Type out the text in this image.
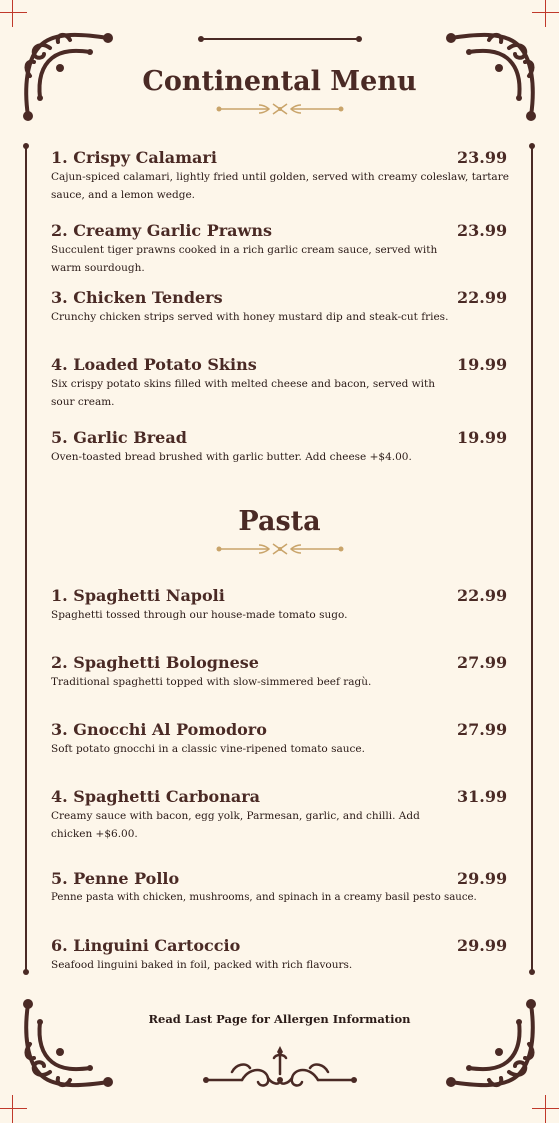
Continental Menu
1. Crispy Calamari	23.99
Cajun-spiced calamari, lightly fried until golden, served with creamy coleslaw, tartare sauce, and a lemon wedge.
2. Creamy Garlic Prawns	23.99
Succulent tiger prawns cooked in a rich garlic cream sauce, served with warm sourdough.
3. Chicken Tenders	22.99
Crunchy chicken strips served with honey mustard dip and steak-cut fries.
4. Loaded Potato Skins	19.99
Six crispy potato skins filled with melted cheese and bacon, served with sour cream.
5. Garlic Bread	19.99
Oven-toasted bread brushed with garlic butter. Add cheese +$4.00.
Pasta
1. Spaghetti Napoli	22.99
Spaghetti tossed through our house-made tomato sugo.
2. Spaghetti Bolognese	27.99
Traditional spaghetti topped with slow-simmered beef ragù.
3. Gnocchi Al Pomodoro	27.99
Soft potato gnocchi in a classic vine-ripened tomato sauce.
4. Spaghetti Carbonara	31.99
Creamy sauce with bacon, egg yolk, Parmesan, garlic, and chilli. Add chicken +$6.00.
5. Penne Pollo	29.99
Penne pasta with chicken, mushrooms, and spinach in a creamy basil pesto sauce.
6. Linguini Cartoccio	29.99
Seafood linguini baked in foil, packed with rich flavours.
Read Last Page for Allergen Information
